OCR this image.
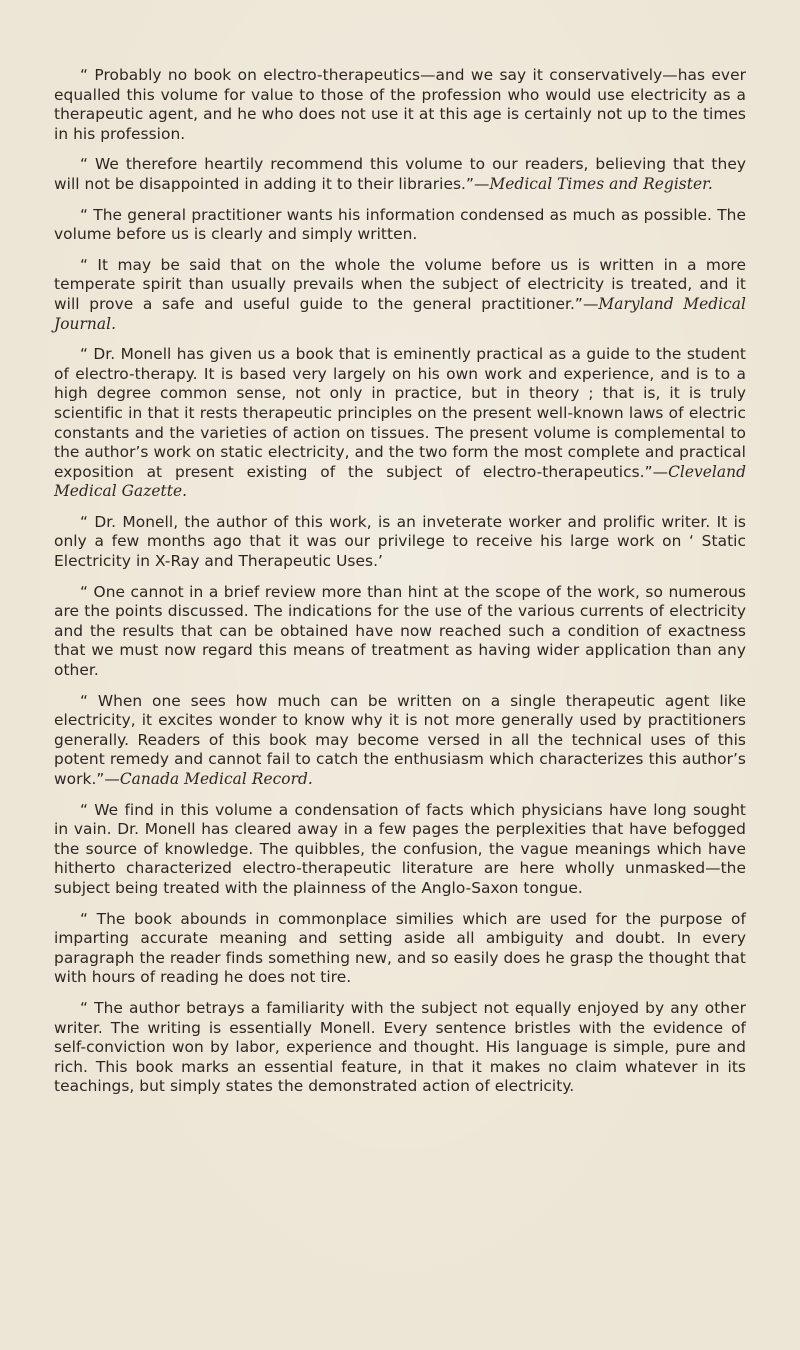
“ Probably no book on electro-therapeutics—and we say it conservatively—has ever equalled this volume for value to those of the profession who would use electricity as a therapeutic agent, and he who does not use it at this age is certainly not up to the times in his profession.

“ We therefore heartily recommend this volume to our readers, believing that they will not be disappointed in adding it to their libraries.”—Medical Times and Register.

“ The general practitioner wants his information condensed as much as possible. The volume before us is clearly and simply written.

“ It may be said that on the whole the volume before us is written in a more temperate spirit than usually prevails when the subject of electricity is treated, and it will prove a safe and useful guide to the general practitioner.”—Maryland Medical Journal.

“ Dr. Monell has given us a book that is eminently practical as a guide to the student of electro-therapy. It is based very largely on his own work and experience, and is to a high degree common sense, not only in practice, but in theory ; that is, it is truly scientific in that it rests therapeutic principles on the present well-known laws of electric constants and the varieties of action on tissues. The present volume is complemental to the author’s work on static electricity, and the two form the most complete and practical exposition at present existing of the subject of electro-therapeutics.”—Cleveland Medical Gazette.

“ Dr. Monell, the author of this work, is an inveterate worker and prolific writer. It is only a few months ago that it was our privilege to receive his large work on ‘ Static Electricity in X-Ray and Therapeutic Uses.’

“ One cannot in a brief review more than hint at the scope of the work, so numerous are the points discussed. The indications for the use of the various currents of electricity and the results that can be obtained have now reached such a condition of exactness that we must now regard this means of treatment as having wider application than any other.

“ When one sees how much can be written on a single therapeutic agent like electricity, it excites wonder to know why it is not more generally used by practitioners generally. Readers of this book may become versed in all the technical uses of this potent remedy and cannot fail to catch the enthusiasm which characterizes this author’s work.”—Canada Medical Record.

“ We find in this volume a condensation of facts which physicians have long sought in vain. Dr. Monell has cleared away in a few pages the perplexities that have befogged the source of knowledge. The quibbles, the confusion, the vague meanings which have hitherto characterized electro-therapeutic literature are here wholly unmasked—the subject being treated with the plainness of the Anglo-Saxon tongue.

“ The book abounds in commonplace similies which are used for the purpose of imparting accurate meaning and setting aside all ambiguity and doubt. In every paragraph the reader finds something new, and so easily does he grasp the thought that with hours of reading he does not tire.

“ The author betrays a familiarity with the subject not equally enjoyed by any other writer. The writing is essentially Monell. Every sentence bristles with the evidence of self-conviction won by labor, experience and thought. His language is simple, pure and rich. This book marks an essential feature, in that it makes no claim whatever in its teachings, but simply states the demonstrated action of electricity.
